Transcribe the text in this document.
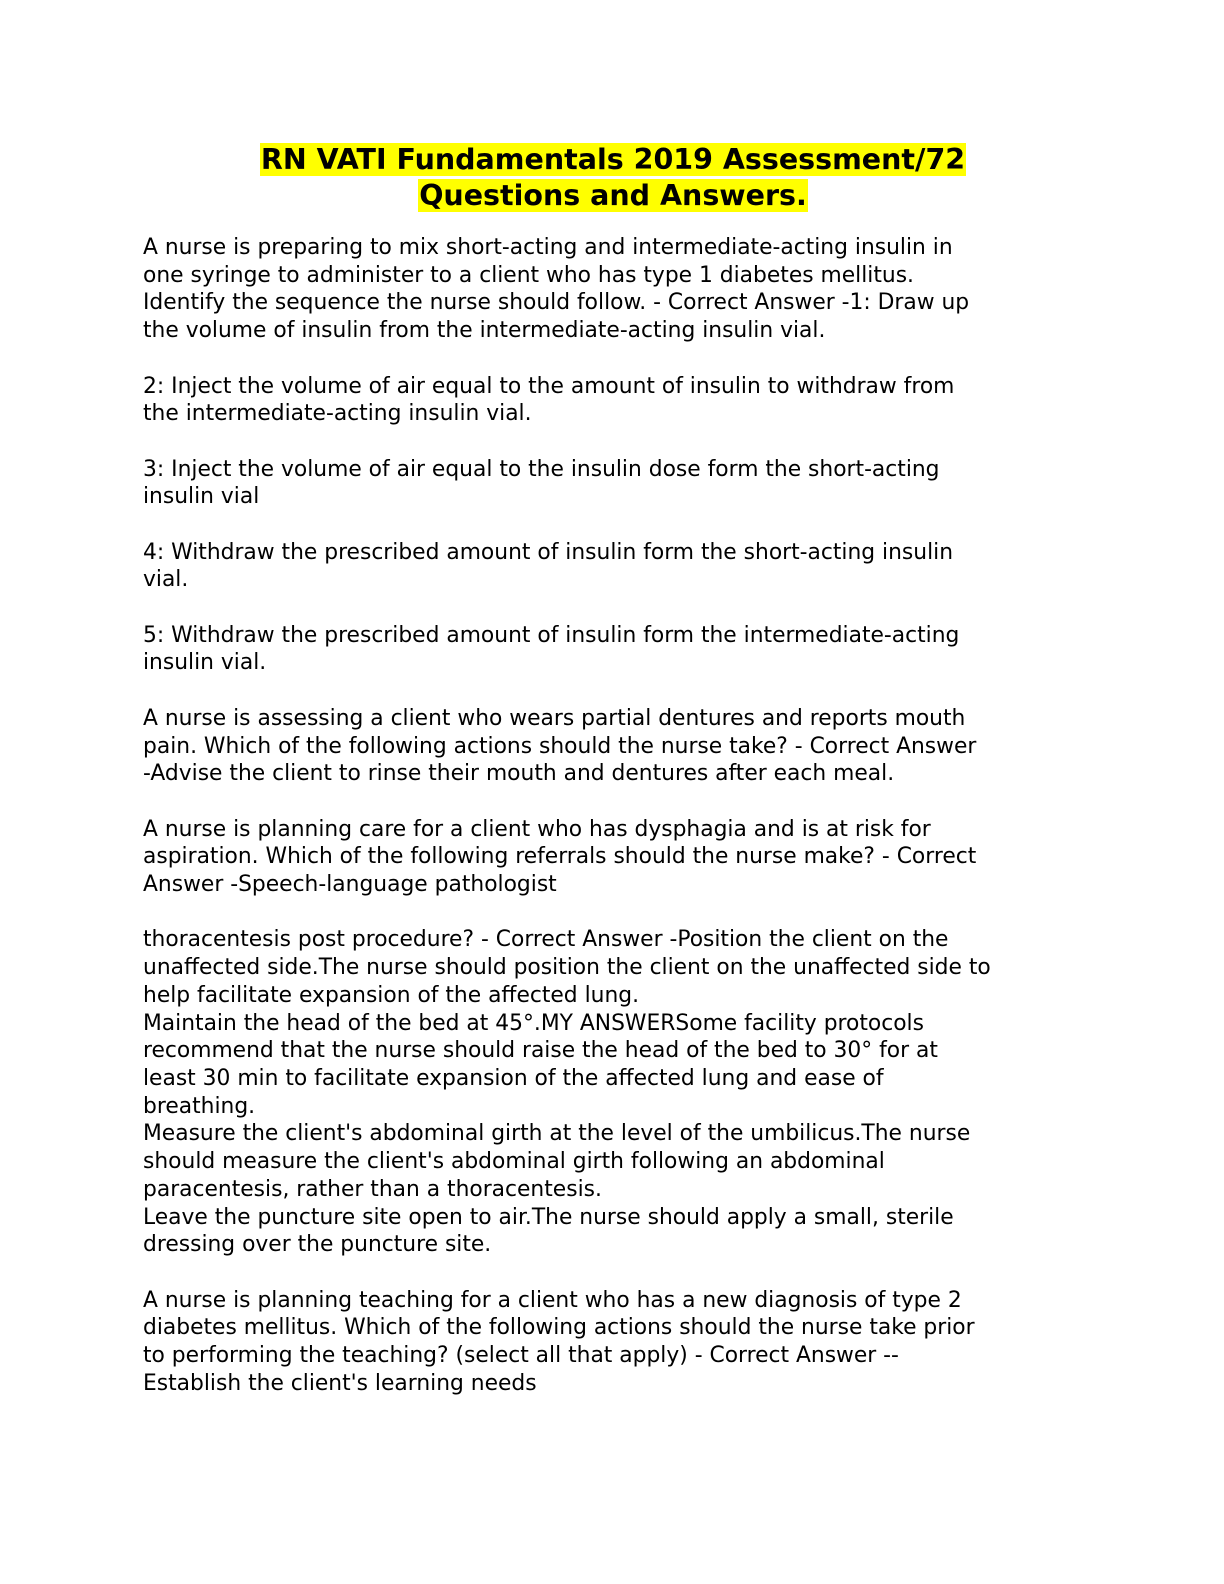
RN VATI Fundamentals 2019 Assessment/72
Questions and Answers.

A nurse is preparing to mix short-acting and intermediate-acting insulin in
one syringe to administer to a client who has type 1 diabetes mellitus.
Identify the sequence the nurse should follow. - Correct Answer -1: Draw up
the volume of insulin from the intermediate-acting insulin vial.

2: Inject the volume of air equal to the amount of insulin to withdraw from
the intermediate-acting insulin vial.

3: Inject the volume of air equal to the insulin dose form the short-acting
insulin vial

4: Withdraw the prescribed amount of insulin form the short-acting insulin
vial.

5: Withdraw the prescribed amount of insulin form the intermediate-acting
insulin vial.

A nurse is assessing a client who wears partial dentures and reports mouth
pain. Which of the following actions should the nurse take? - Correct Answer
-Advise the client to rinse their mouth and dentures after each meal.

A nurse is planning care for a client who has dysphagia and is at risk for
aspiration. Which of the following referrals should the nurse make? - Correct
Answer -Speech-language pathologist

thoracentesis post procedure? - Correct Answer -Position the client on the
unaffected side.The nurse should position the client on the unaffected side to
help facilitate expansion of the affected lung.
Maintain the head of the bed at 45°.MY ANSWERSome facility protocols
recommend that the nurse should raise the head of the bed to 30° for at
least 30 min to facilitate expansion of the affected lung and ease of
breathing.
Measure the client's abdominal girth at the level of the umbilicus.The nurse
should measure the client's abdominal girth following an abdominal
paracentesis, rather than a thoracentesis.
Leave the puncture site open to air.The nurse should apply a small, sterile
dressing over the puncture site.

A nurse is planning teaching for a client who has a new diagnosis of type 2
diabetes mellitus. Which of the following actions should the nurse take prior
to performing the teaching? (select all that apply) - Correct Answer --
Establish the client's learning needs
